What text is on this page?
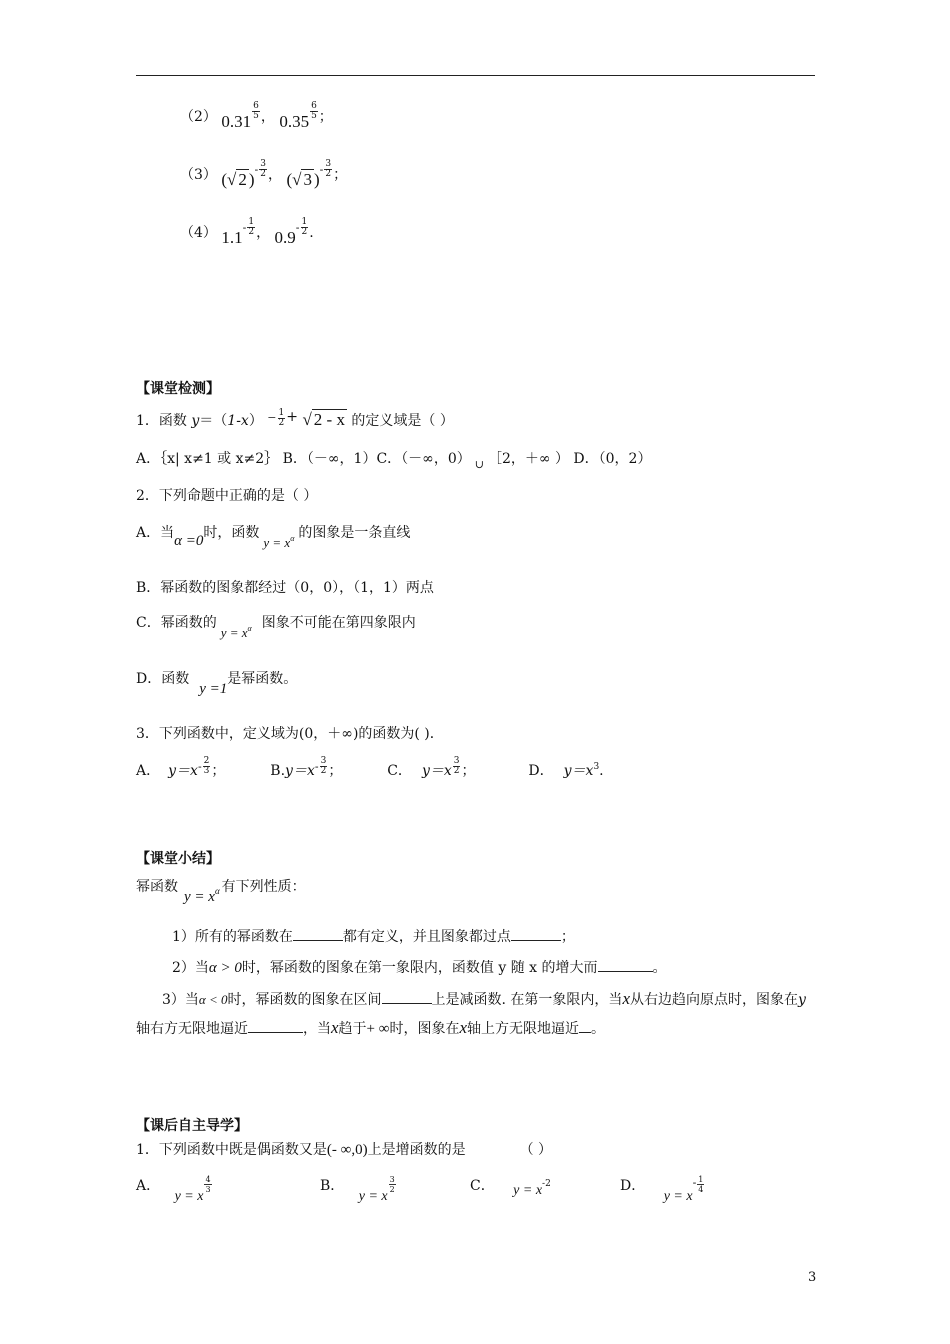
（2） 0.31
$\frac{6}{5}$ ， 0.35
$\frac{6}{5}$ ；
（3） (√ 2 )- $\frac{3}{2}$ ， (√ 3 )- $\frac{3}{2}$ ；
（4） $1.1- \frac{1}{2}$ ， $0.9- \frac{1}{2}$ .
【课堂检测】
1．函数 y＝（1-x） $^- \frac{1}{2}$ + √ 2 - x 的定义域是（ ）
A．｛x| x≠1 或 x≠2｝ B．（－∞，1）C．（－∞，0） $_\cup$ ［2，＋∞ ） D．（0，2）
2．下列命题中正确的是（ ）
A．当α =0时，函数y = xα 的图象是一条直线
B．幂函数的图象都经过（0，0），（1，1）两点
C．幂函数的y = xα 图象不可能在第四象限内
D．函数y =1是幂函数。
3．下列函数中，定义域为(0，＋∞)的函数为( )．
A． $y=x^- \frac{2}{3}$ ；	$B.y=x^- \frac{3}{2}$ ；	C． $y=x \frac{3}{2}$ ；	D． $y=x^3$.
【课堂小结】
幂函数y = xα 有下列性质：
1）所有的幂函数在	都有定义，并且图象都过点	；
2）当α > 0时，幂函数的图象在第一象限内，函数值 y 随 x 的增大而	。
3）当α < 0时，幂函数的图象在区间	上是减函数. 在第一象限内，当x从右边趋向原点时，图象在y轴右方无限地逼近	，当x趋于+ ∞时，图象在x轴上方无限地逼近 。
【课后自主导学】
1．下列函数中既是偶函数又是(- ∞,0)上是增函数的是	（ ）
A． y = x
$\frac{4}{3}$	B． y = x
$\frac{3}{2}$	C． $y = x^{-2}$	D． $y = x^- \frac{1}{4}$
3
